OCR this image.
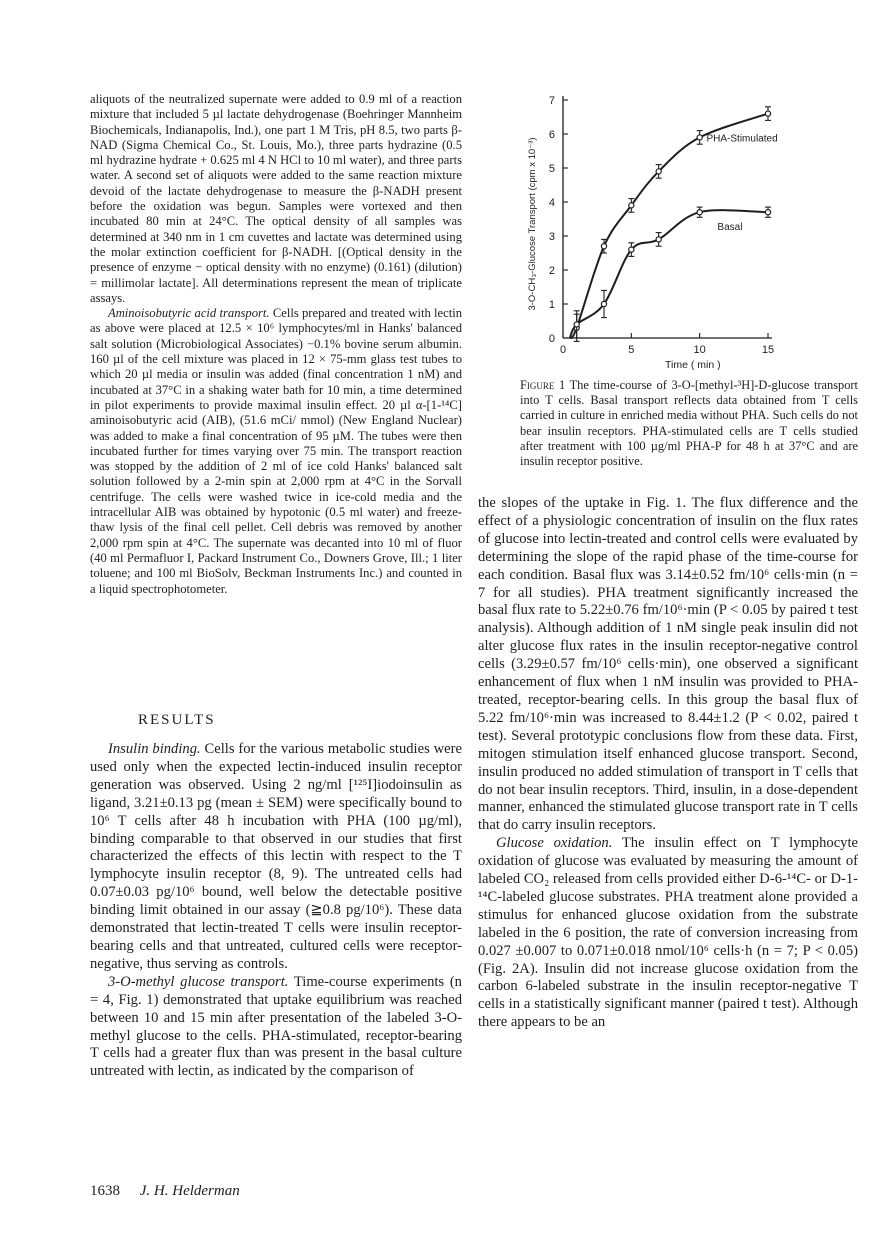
aliquots of the neutralized supernate were added to 0.9 ml of a reaction mixture that included 5 µl lactate dehydrogenase (Boehringer Mannheim Biochemicals, Indianapolis, Ind.), one part 1 M Tris, pH 8.5, two parts β-NAD (Sigma Chemical Co., St. Louis, Mo.), three parts hydrazine (0.5 ml hydrazine hydrate + 0.625 ml 4 N HCl to 10 ml water), and three parts water. A second set of aliquots were added to the same reaction mixture devoid of the lactate dehydrogenase to measure the β-NADH present before the oxidation was begun. Samples were vortexed and then incubated 80 min at 24°C. The optical density of all samples was determined at 340 nm in 1 cm cuvettes and lactate was determined using the molar extinction coefficient for β-NADH. [(Optical density in the presence of enzyme − optical density with no enzyme) (0.161) (dilution) = millimolar lactate]. All determinations represent the mean of triplicate assays.

Aminoisobutyric acid transport. Cells prepared and treated with lectin as above were placed at 12.5 × 10⁶ lymphocytes/ml in Hanks' balanced salt solution (Microbiological Associates) −0.1% bovine serum albumin. 160 µl of the cell mixture was placed in 12 × 75-mm glass test tubes to which 20 µl media or insulin was added (final concentration 1 nM) and incubated at 37°C in a shaking water bath for 10 min, a time determined in pilot experiments to provide maximal insulin effect. 20 µl α-[1-¹⁴C] aminoisobutyric acid (AIB), (51.6 mCi/ mmol) (New England Nuclear) was added to make a final concentration of 95 µM. The tubes were then incubated further for times varying over 75 min. The transport reaction was stopped by the addition of 2 ml of ice cold Hanks' balanced salt solution followed by a 2-min spin at 2,000 rpm at 4°C in the Sorvall centrifuge. The cells were washed twice in ice-cold media and the intracellular AIB was obtained by hypotonic (0.5 ml water) and freeze-thaw lysis of the final cell pellet. Cell debris was removed by another 2,000 rpm spin at 4°C. The supernate was decanted into 10 ml of fluor (40 ml Permafluor I, Packard Instrument Co., Downers Grove, Ill.; 1 liter toluene; and 100 ml BioSolv, Beckman Instruments Inc.) and counted in a liquid spectrophotometer.

RESULTS

Insulin binding. Cells for the various metabolic studies were used only when the expected lectin-induced insulin receptor generation was observed. Using 2 ng/ml [¹²⁵I]iodoinsulin as ligand, 3.21±0.13 pg (mean ± SEM) were specifically bound to 10⁶ T cells after 48 h incubation with PHA (100 µg/ml), binding comparable to that observed in our studies that first characterized the effects of this lectin with respect to the T lymphocyte insulin receptor (8, 9). The untreated cells had 0.07±0.03 pg/10⁶ bound, well below the detectable positive binding limit obtained in our assay (≧0.8 pg/10⁶). These data demonstrated that lectin-treated T cells were insulin receptor-bearing cells and that untreated, cultured cells were receptor-negative, thus serving as controls.

3-O-methyl glucose transport. Time-course experiments (n = 4, Fig. 1) demonstrated that uptake equilibrium was reached between 10 and 15 min after presentation of the labeled 3-O-methyl glucose to the cells. PHA-stimulated, receptor-bearing T cells had a greater flux than was present in the basal culture untreated with lectin, as indicated by the comparison of

0
1
2
3
4
5
6
7
0	5	10	15
Time ( min )
3-O-CH₃-Glucose Transport (cpm x 10⁻³)	PHA-Stimulated
Basal
Figure 1 The time-course of 3-O-[methyl-³H]-D-glucose transport into T cells. Basal transport reflects data obtained from T cells carried in culture in enriched media without PHA. Such cells do not bear insulin receptors. PHA-stimulated cells are T cells studied after treatment with 100 µg/ml PHA-P for 48 h at 37°C and are insulin receptor positive.

the slopes of the uptake in Fig. 1. The flux difference and the effect of a physiologic concentration of insulin on the flux rates of glucose into lectin-treated and control cells were evaluated by determining the slope of the rapid phase of the time-course for each condition. Basal flux was 3.14±0.52 fm/10⁶ cells·min (n = 7 for all studies). PHA treatment significantly increased the basal flux rate to 5.22±0.76 fm/10⁶·min (P < 0.05 by paired t test analysis). Although addition of 1 nM single peak insulin did not alter glucose flux rates in the insulin receptor-negative control cells (3.29±0.57 fm/10⁶ cells·min), one observed a significant enhancement of flux when 1 nM insulin was provided to PHA-treated, receptor-bearing cells. In this group the basal flux of 5.22 fm/10⁶·min was increased to 8.44±1.2 (P < 0.02, paired t test). Several prototypic conclusions flow from these data. First, mitogen stimulation itself enhanced glucose transport. Second, insulin produced no added stimulation of transport in T cells that do not bear insulin receptors. Third, insulin, in a dose-dependent manner, enhanced the stimulated glucose transport rate in T cells that do carry insulin receptors.

Glucose oxidation. The insulin effect on T lymphocyte oxidation of glucose was evaluated by measuring the amount of labeled CO₂ released from cells provided either D-6-¹⁴C- or D-1-¹⁴C-labeled glucose substrates. PHA treatment alone provided a stimulus for enhanced glucose oxidation from the substrate labeled in the 6 position, the rate of conversion increasing from 0.027 ±0.007 to 0.071±0.018 nmol/10⁶ cells·h (n = 7; P < 0.05) (Fig. 2A). Insulin did not increase glucose oxidation from the carbon 6-labeled substrate in the insulin receptor-negative T cells in a statistically significant manner (paired t test). Although there appears to be an

1638 J. H. Helderman
